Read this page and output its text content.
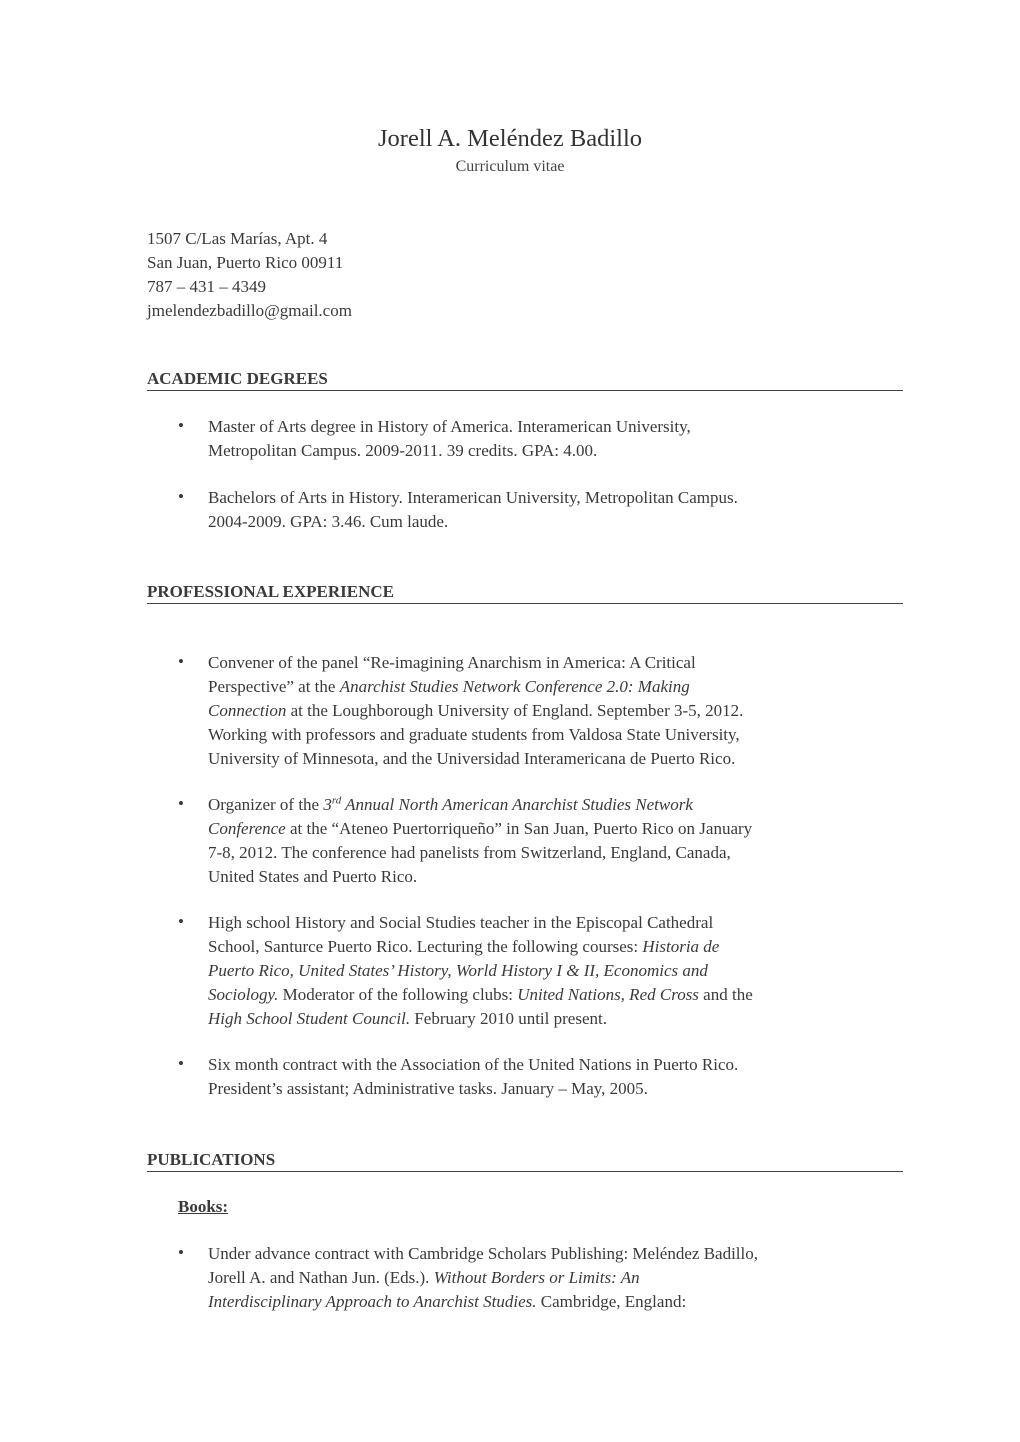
Jorell A. Meléndez Badillo
Curriculum vitae
1507 C/Las Marías, Apt. 4
San Juan, Puerto Rico 00911
787 – 431 – 4349
jmelendezbadillo@gmail.com
ACADEMIC DEGREES
• Master of Arts degree in History of America. Interamerican University,
Metropolitan Campus. 2009-2011. 39 credits. GPA: 4.00.
• Bachelors of Arts in History. Interamerican University, Metropolitan Campus.
2004-2009. GPA: 3.46. Cum laude.
PROFESSIONAL EXPERIENCE
• Convener of the panel “Re-imagining Anarchism in America: A Critical
Perspective” at the Anarchist Studies Network Conference 2.0: Making
Connection at the Loughborough University of England. September 3-5, 2012.
Working with professors and graduate students from Valdosa State University,
University of Minnesota, and the Universidad Interamericana de Puerto Rico.
• Organizer of the 3rd Annual North American Anarchist Studies Network
Conference at the “Ateneo Puertorriqueño” in San Juan, Puerto Rico on January
7-8, 2012. The conference had panelists from Switzerland, England, Canada,
United States and Puerto Rico.
• High school History and Social Studies teacher in the Episcopal Cathedral
School, Santurce Puerto Rico. Lecturing the following courses: Historia de
Puerto Rico, United States’ History, World History I & II, Economics and
Sociology. Moderator of the following clubs: United Nations, Red Cross and the
High School Student Council. February 2010 until present.
• Six month contract with the Association of the United Nations in Puerto Rico.
President’s assistant; Administrative tasks. January – May, 2005.
PUBLICATIONS
Books:
• Under advance contract with Cambridge Scholars Publishing: Meléndez Badillo,
Jorell A. and Nathan Jun. (Eds.). Without Borders or Limits: An
Interdisciplinary Approach to Anarchist Studies. Cambridge, England:
